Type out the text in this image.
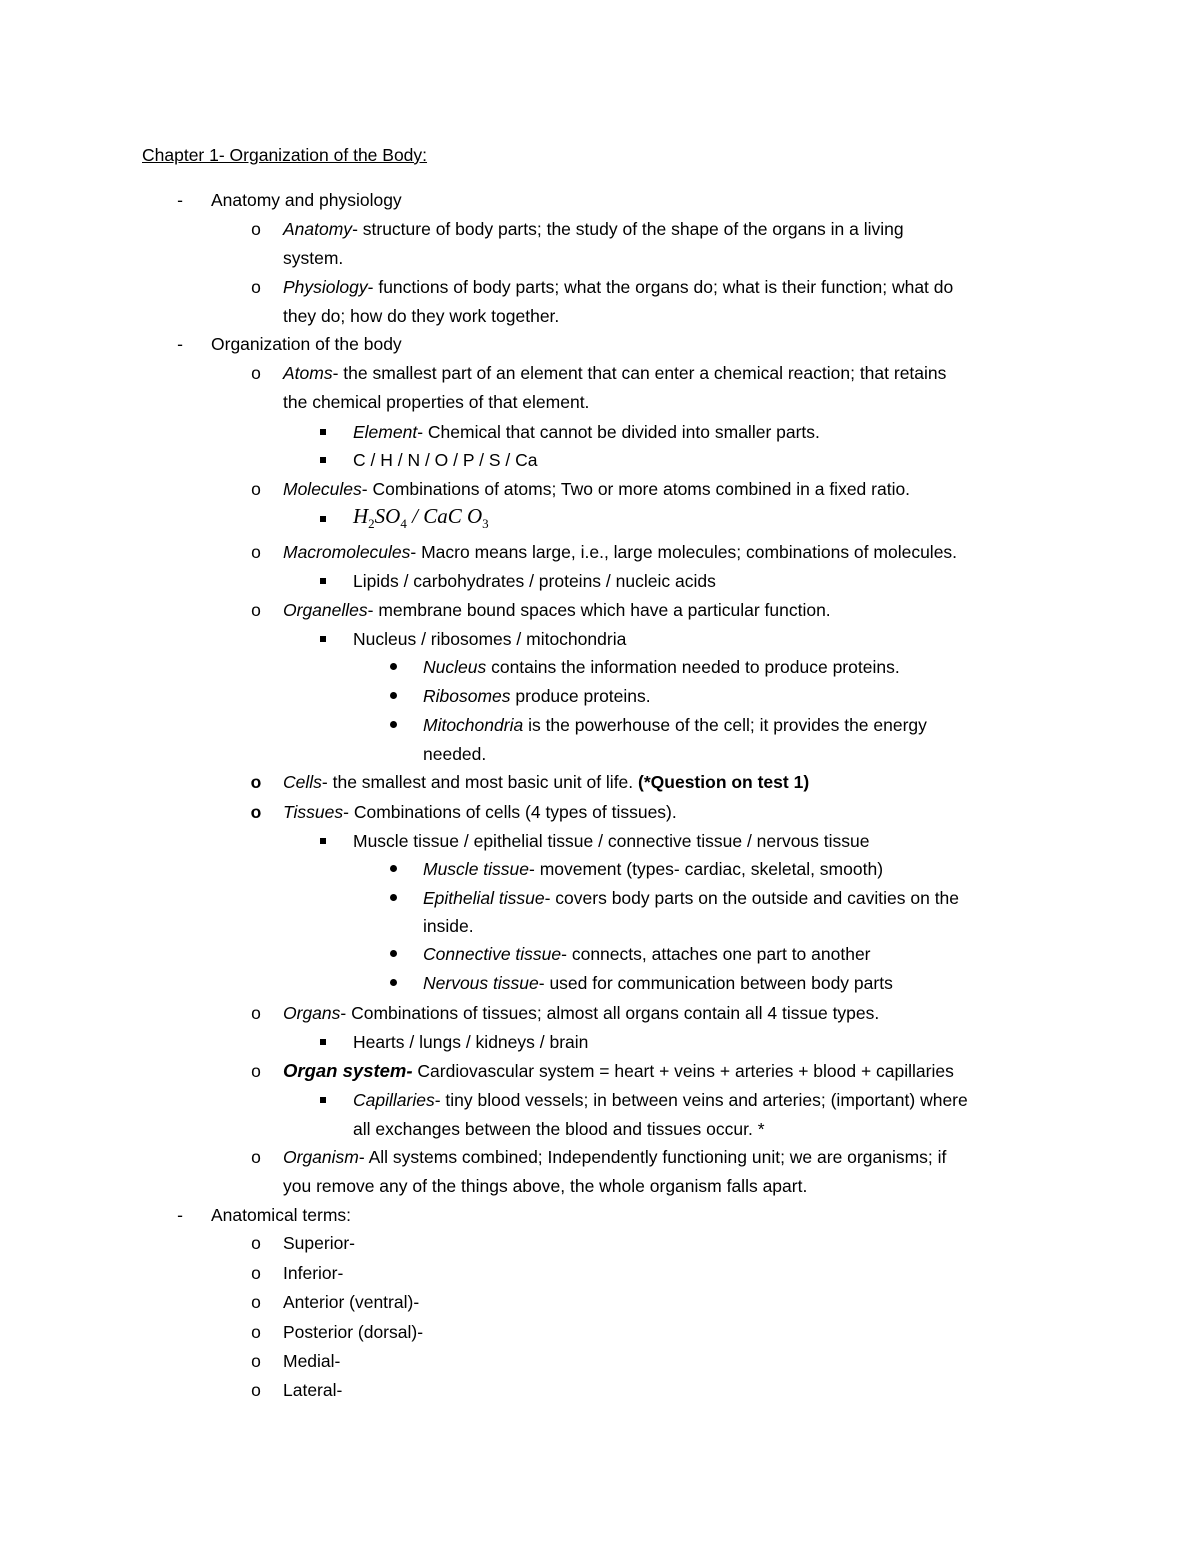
Chapter 1- Organization of the Body:
-	Anatomy and physiology
o Anatomy- structure of body parts; the study of the shape of the organs in a living
system.
o Physiology- functions of body parts; what the organs do; what is their function; what do
they do; how do they work together.
-	Organization of the body
o Atoms- the smallest part of an element that can enter a chemical reaction; that retains
the chemical properties of that element.
Element- Chemical that cannot be divided into smaller parts.
C / H / N / O / P / S / Ca
o Molecules- Combinations of atoms; Two or more atoms combined in a fixed ratio.
$H_2SO_4$ / CaC $O_3$
o Macromolecules- Macro means large, i.e., large molecules; combinations of molecules.
Lipids / carbohydrates / proteins / nucleic acids
o Organelles- membrane bound spaces which have a particular function.
Nucleus / ribosomes / mitochondria
Nucleus contains the information needed to produce proteins.
Ribosomes produce proteins.
Mitochondria is the powerhouse of the cell; it provides the energy
needed.
o Cells- the smallest and most basic unit of life. (*Question on test 1)
o Tissues- Combinations of cells (4 types of tissues).
Muscle tissue / epithelial tissue / connective tissue / nervous tissue
Muscle tissue- movement (types- cardiac, skeletal, smooth)
Epithelial tissue- covers body parts on the outside and cavities on the
inside.
Connective tissue- connects, attaches one part to another
Nervous tissue- used for communication between body parts
o Organs- Combinations of tissues; almost all organs contain all 4 tissue types.
Hearts / lungs / kidneys / brain
o Organ system- Cardiovascular system = heart + veins + arteries + blood + capillaries
Capillaries- tiny blood vessels; in between veins and arteries; (important) where
all exchanges between the blood and tissues occur. *
o Organism- All systems combined; Independently functioning unit; we are organisms; if
you remove any of the things above, the whole organism falls apart.
-	Anatomical terms:
o Superior-
o Inferior-
o Anterior (ventral)-
o Posterior (dorsal)-
o Medial-
o Lateral-
